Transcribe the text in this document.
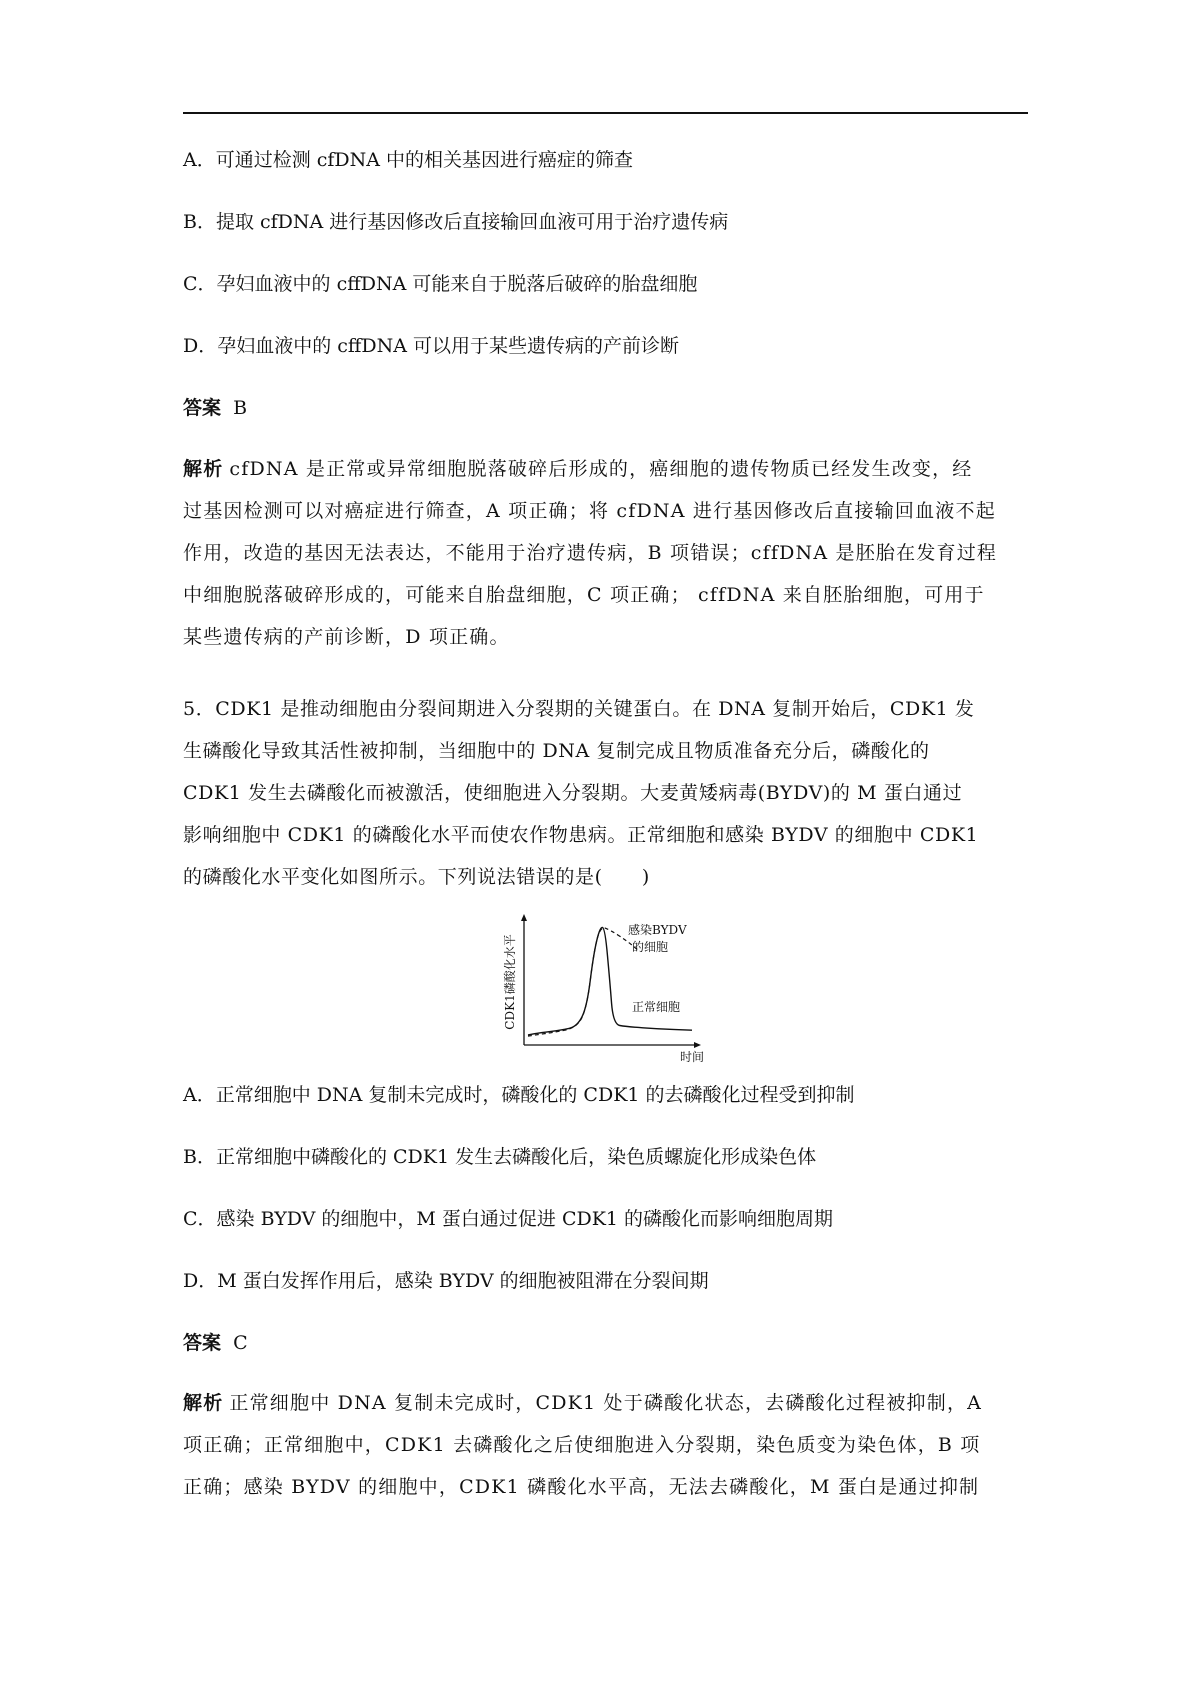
A．可通过检测 cfDNA 中的相关基因进行癌症的筛查
B．提取 cfDNA 进行基因修改后直接输回血液可用于治疗遗传病
C．孕妇血液中的 cffDNA 可能来自于脱落后破碎的胎盘细胞
D．孕妇血液中的 cffDNA 可以用于某些遗传病的产前诊断
答案 B

解析 cfDNA 是正常或异常细胞脱落破碎后形成的，癌细胞的遗传物质已经发生改变，经

过基因检测可以对癌症进行筛查，A 项正确；将 cfDNA 进行基因修改后直接输回血液不起

作用，改造的基因无法表达，不能用于治疗遗传病，B 项错误；cffDNA 是胚胎在发育过程

中细胞脱落破碎形成的，可能来自胎盘细胞，C 项正确； cffDNA 来自胚胎细胞，可用于

某些遗传病的产前诊断，D 项正确。

5．CDK1 是推动细胞由分裂间期进入分裂期的关键蛋白。在 DNA 复制开始后，CDK1 发

生磷酸化导致其活性被抑制，当细胞中的 DNA 复制完成且物质准备充分后，磷酸化的

CDK1 发生去磷酸化而被激活，使细胞进入分裂期。大麦黄矮病毒(BYDV)的 M 蛋白通过

影响细胞中 CDK1 的磷酸化水平而使农作物患病。正常细胞和感染 BYDV 的细胞中 CDK1

的磷酸化水平变化如图所示。下列说法错误的是(　　)

CDK1磷酸化水平
时间
感染BYDV
的细胞
正常细胞
A．正常细胞中 DNA 复制未完成时，磷酸化的 CDK1 的去磷酸化过程受到抑制
B．正常细胞中磷酸化的 CDK1 发生去磷酸化后，染色质螺旋化形成染色体
C．感染 BYDV 的细胞中，M 蛋白通过促进 CDK1 的磷酸化而影响细胞周期
D．M 蛋白发挥作用后，感染 BYDV 的细胞被阻滞在分裂间期
答案 C

解析 正常细胞中 DNA 复制未完成时，CDK1 处于磷酸化状态，去磷酸化过程被抑制，A

项正确；正常细胞中，CDK1 去磷酸化之后使细胞进入分裂期，染色质变为染色体，B 项

正确；感染 BYDV 的细胞中，CDK1 磷酸化水平高，无法去磷酸化，M 蛋白是通过抑制
